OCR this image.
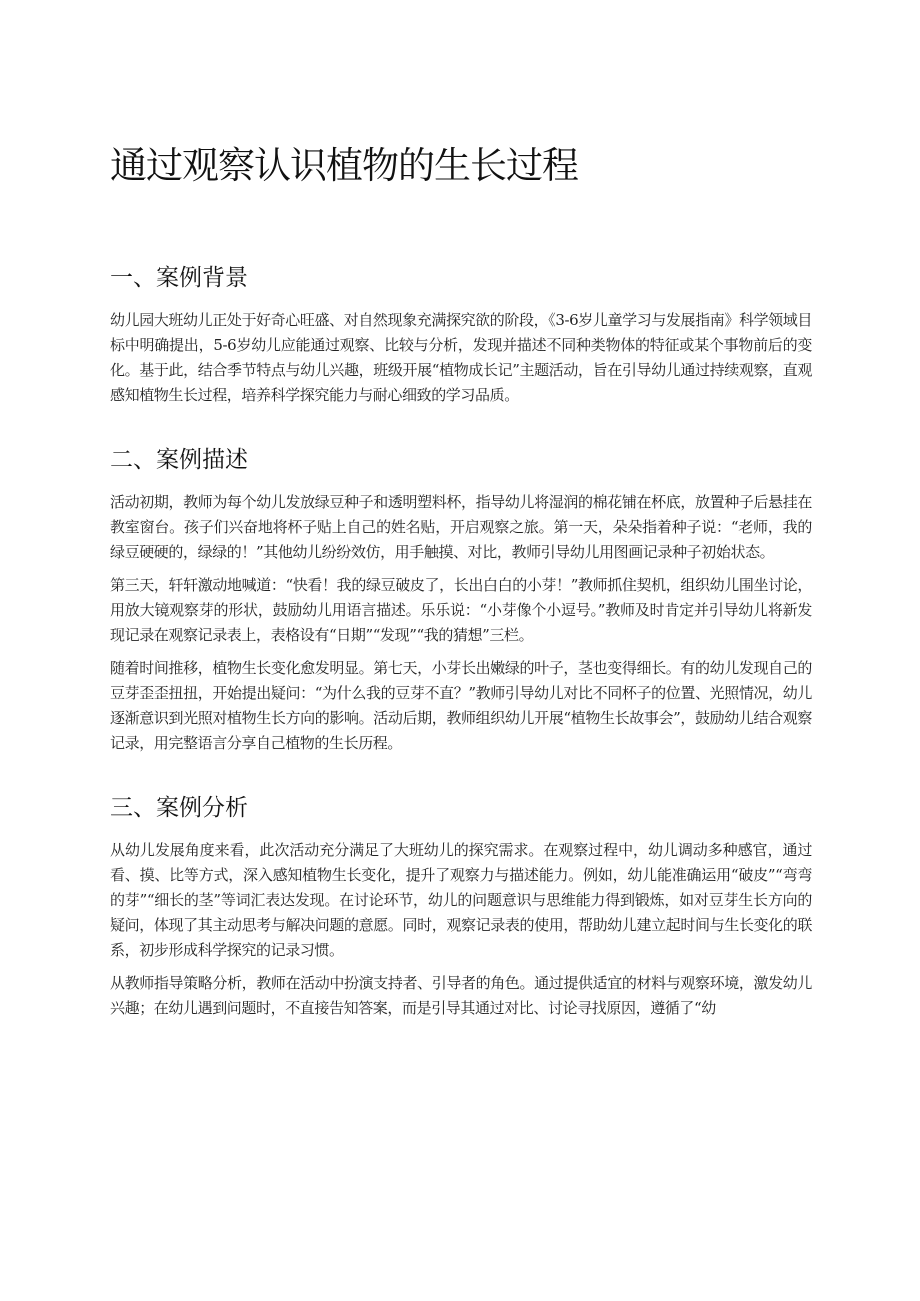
通过观察认识植物的生长过程
一、案例背景

幼儿园大班幼儿正处于好奇心旺盛、对自然现象充满探究欲的阶段，《3-6岁儿童学习与发展指南》科学领域目标中明确提出，5-6岁幼儿应能通过观察、比较与分析，发现并描述不同种类物体的特征或某个事物前后的变化。基于此，结合季节特点与幼儿兴趣，班级开展“植物成长记”主题活动，旨在引导幼儿通过持续观察，直观感知植物生长过程，培养科学探究能力与耐心细致的学习品质。

二、案例描述

活动初期，教师为每个幼儿发放绿豆种子和透明塑料杯，指导幼儿将湿润的棉花铺在杯底，放置种子后悬挂在教室窗台。孩子们兴奋地将杯子贴上自己的姓名贴，开启观察之旅。第一天，朵朵指着种子说：“老师，我的绿豆硬硬的，绿绿的！”其他幼儿纷纷效仿，用手触摸、对比，教师引导幼儿用图画记录种子初始状态。

第三天，轩轩激动地喊道：“快看！我的绿豆破皮了，长出白白的小芽！”教师抓住契机，组织幼儿围坐讨论，用放大镜观察芽的形状，鼓励幼儿用语言描述。乐乐说：“小芽像个小逗号。”教师及时肯定并引导幼儿将新发现记录在观察记录表上，表格设有“日期”“发现”“我的猜想”三栏。

随着时间推移，植物生长变化愈发明显。第七天，小芽长出嫩绿的叶子，茎也变得细长。有的幼儿发现自己的豆芽歪歪扭扭，开始提出疑问：“为什么我的豆芽不直？”教师引导幼儿对比不同杯子的位置、光照情况，幼儿逐渐意识到光照对植物生长方向的影响。活动后期，教师组织幼儿开展“植物生长故事会”，鼓励幼儿结合观察记录，用完整语言分享自己植物的生长历程。

三、案例分析

从幼儿发展角度来看，此次活动充分满足了大班幼儿的探究需求。在观察过程中，幼儿调动多种感官，通过看、摸、比等方式，深入感知植物生长变化，提升了观察力与描述能力。例如，幼儿能准确运用“破皮”“弯弯的芽”“细长的茎”等词汇表达发现。在讨论环节，幼儿的问题意识与思维能力得到锻炼，如对豆芽生长方向的疑问，体现了其主动思考与解决问题的意愿。同时，观察记录表的使用，帮助幼儿建立起时间与生长变化的联系，初步形成科学探究的记录习惯。

从教师指导策略分析，教师在活动中扮演支持者、引导者的角色。通过提供适宜的材料与观察环境，激发幼儿兴趣；在幼儿遇到问题时，不直接告知答案，而是引导其通过对比、讨论寻找原因，遵循了“幼
